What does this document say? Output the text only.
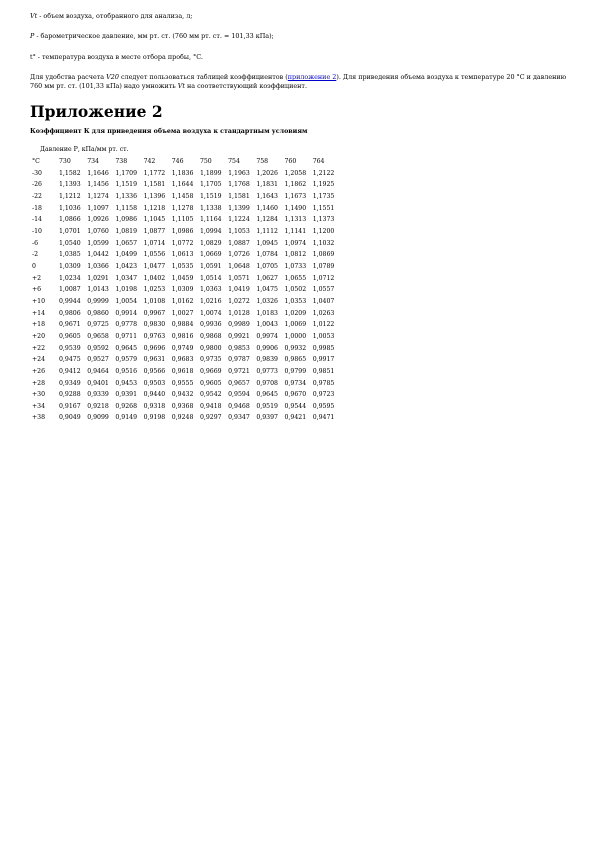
Vt - объем воздуха, отобранного для анализа, л;

P - барометрическое давление, мм рт. ст. (760 мм рт. ст. = 101,33 кПа);

t° - температура воздуха в месте отбора пробы, °C.

Для удобства расчета V20 следует пользоваться таблицей коэффициентов (приложение 2). Для приведения объема воздуха к температуре 20 °C и давлению 760 мм рт. ст. (101,33 кПа) надо умножить Vt на соответствующий коэффициент.

Приложение 2

Коэффициент К для приведения объема воздуха к стандартным условиям

Давление Р, кПа/мм рт. ст.
°C	730	734	738	742	746	750	754	758	760	764
-30	1,1582	1,1646	1,1709	1,1772	1,1836	1,1899	1,1963	1,2026	1,2058	1,2122
-26	1,1393	1,1456	1,1519	1,1581	1,1644	1,1705	1,1768	1,1831	1,1862	1,1925
-22	1,1212	1,1274	1,1336	1,1396	1,1458	1,1519	1,1581	1,1643	1,1673	1,1735
-18	1,1036	1,1097	1,1158	1,1218	1,1278	1,1338	1,1399	1,1460	1,1490	1,1551
-14	1,0866	1,0926	1,0986	1,1045	1,1105	1,1164	1,1224	1,1284	1,1313	1,1373
-10	1,0701	1,0760	1,0819	1,0877	1,0986	1,0994	1,1053	1,1112	1,1141	1,1200
-6	1,0540	1,0599	1,0657	1,0714	1,0772	1,0829	1,0887	1,0945	1,0974	1,1032
-2	1,0385	1,0442	1,0499	1,0556	1,0613	1,0669	1,0726	1,0784	1,0812	1,0869
0	1,0309	1,0366	1,0423	1,0477	1,0535	1,0591	1,0648	1,0705	1,0733	1,0789
+2	1,0234	1,0291	1,0347	1,0402	1,0459	1,0514	1,0571	1,0627	1,0655	1,0712
+6	1,0087	1,0143	1,0198	1,0253	1,0309	1,0363	1,0419	1,0475	1,0502	1,0557
+10	0,9944	0,9999	1,0054	1,0108	1,0162	1,0216	1,0272	1,0326	1,0353	1,0407
+14	0,9806	0,9860	0,9914	0,9967	1,0027	1,0074	1,0128	1,0183	1,0209	1,0263
+18	0,9671	0,9725	0,9778	0,9830	0,9884	0,9936	0,9989	1,0043	1,0069	1,0122
+20	0,9605	0,9658	0,9711	0,9763	0,9816	0,9868	0,9921	0,9974	1,0000	1,0053
+22	0,9539	0,9592	0,9645	0,9696	0,9749	0,9800	0,9853	0,9906	0,9932	0,9985
+24	0,9475	0,9527	0,9579	0,9631	0,9683	0,9735	0,9787	0,9839	0,9865	0,9917
+26	0,9412	0,9464	0,9516	0,9566	0,9618	0,9669	0,9721	0,9773	0,9799	0,9851
+28	0,9349	0,9401	0,9453	0,9503	0,9555	0,9605	0,9657	0,9708	0,9734	0,9785
+30	0,9288	0,9339	0,9391	0,9440	0,9432	0,9542	0,9594	0,9645	0,9670	0,9723
+34	0,9167	0,9218	0,9268	0,9318	0,9368	0,9418	0,9468	0,9519	0,9544	0,9595
+38	0,9049	0,9099	0,9149	0,9198	0,9248	0,9297	0,9347	0,9397	0,9421	0,9471
